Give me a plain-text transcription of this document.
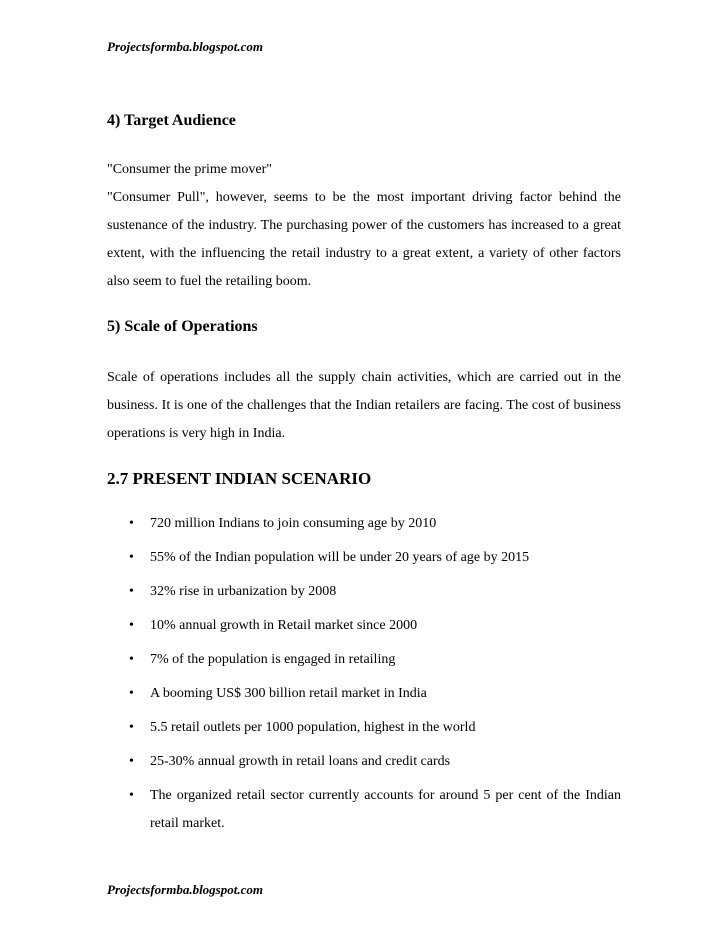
Projectsformba.blogspot.com
4) Target Audience
"Consumer the prime mover"
"Consumer Pull", however, seems to be the most important driving factor behind the sustenance of the industry. The purchasing power of the customers has increased to a great extent, with the influencing the retail industry to a great extent, a variety of other factors also seem to fuel the retailing boom.
5) Scale of Operations
Scale of operations includes all the supply chain activities, which are carried out in the business. It is one of the challenges that the Indian retailers are facing. The cost of business operations is very high in India.
2.7 PRESENT INDIAN SCENARIO
• 720 million Indians to join consuming age by 2010
• 55% of the Indian population will be under 20 years of age by 2015
• 32% rise in urbanization by 2008
• 10% annual growth in Retail market since 2000
• 7% of the population is engaged in retailing
• A booming US$ 300 billion retail market in India
• 5.5 retail outlets per 1000 population, highest in the world
• 25-30% annual growth in retail loans and credit cards
• The organized retail sector currently accounts for around 5 per cent of the Indian retail market.
Projectsformba.blogspot.com
